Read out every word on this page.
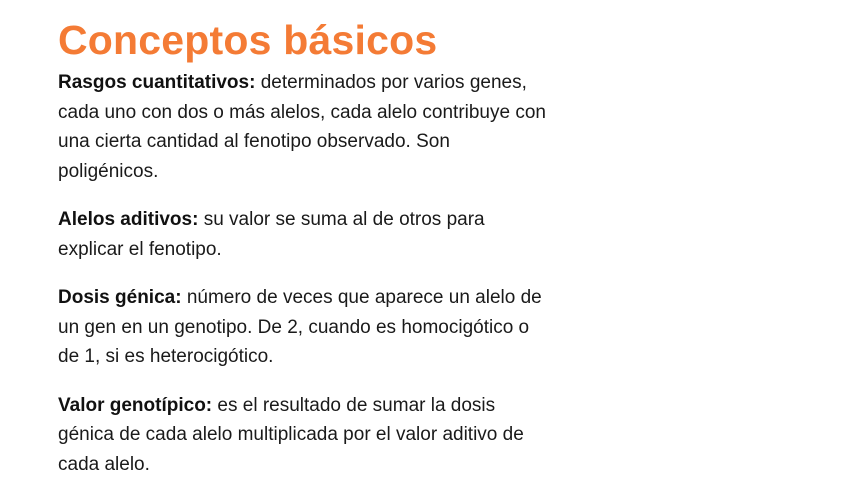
Conceptos básicos

Rasgos cuantitativos: determinados por varios genes, cada uno con dos o más alelos, cada alelo contribuye con una cierta cantidad al fenotipo observado. Son poligénicos.

Alelos aditivos: su valor se suma al de otros para explicar el fenotipo.

Dosis génica: número de veces que aparece un alelo de un gen en un genotipo. De 2, cuando es homocigótico o de 1, si es heterocigótico.

Valor genotípico: es el resultado de sumar la dosis génica de cada alelo multiplicada por el valor aditivo de cada alelo.
